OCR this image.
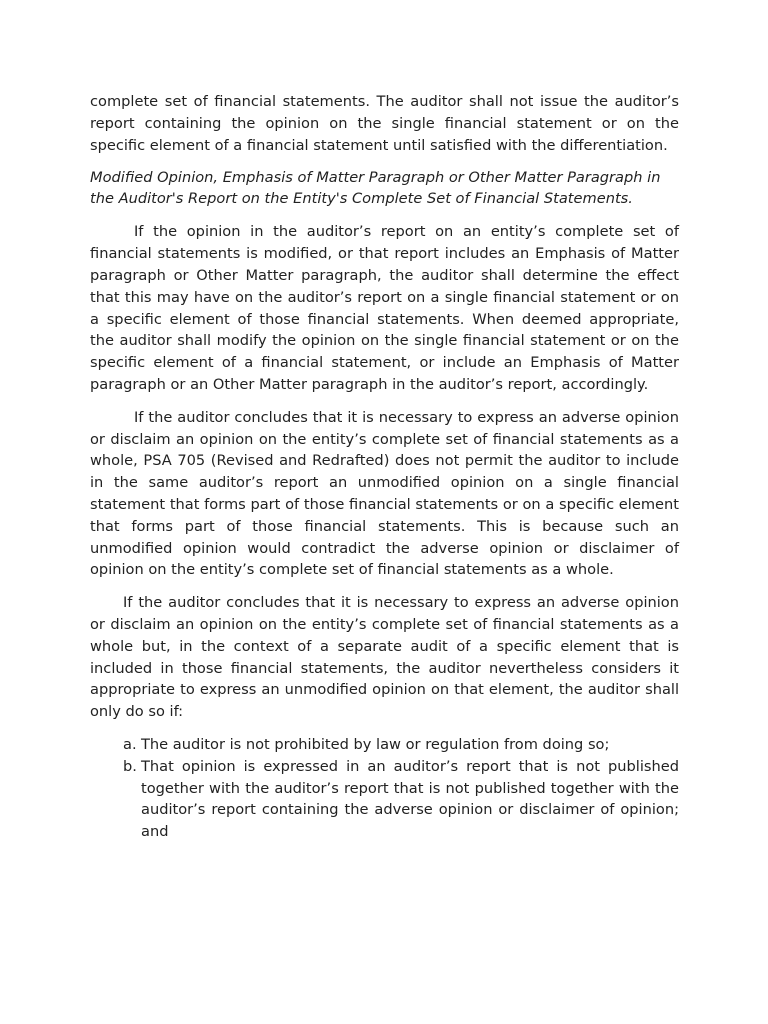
complete set of financial statements. The auditor shall not issue the auditor’s report containing the opinion on the single financial statement or on the specific element of a financial statement until satisfied with the differentiation.

Modified Opinion, Emphasis of Matter Paragraph or Other Matter Paragraph in the Auditor's Report on the Entity's Complete Set of Financial Statements.

If the opinion in the auditor’s report on an entity’s complete set of financial statements is modified, or that report includes an Emphasis of Matter paragraph or Other Matter paragraph, the auditor shall determine the effect that this may have on the auditor’s report on a single financial statement or on a specific element of those financial statements. When deemed appropriate, the auditor shall modify the opinion on the single financial statement or on the specific element of a financial statement, or include an Emphasis of Matter paragraph or an Other Matter paragraph in the auditor’s report, accordingly.

If the auditor concludes that it is necessary to express an adverse opinion or disclaim an opinion on the entity’s complete set of financial statements as a whole, PSA 705 (Revised and Redrafted) does not permit the auditor to include in the same auditor’s report an unmodified opinion on a single financial statement that forms part of those financial statements or on a specific element that forms part of those financial statements. This is because such an unmodified opinion would contradict the adverse opinion or disclaimer of opinion on the entity’s complete set of financial statements as a whole.

If the auditor concludes that it is necessary to express an adverse opinion or disclaim an opinion on the entity’s complete set of financial statements as a whole but, in the context of a separate audit of a specific element that is included in those financial statements, the auditor nevertheless considers it appropriate to express an unmodified opinion on that element, the auditor shall only do so if:

a. The auditor is not prohibited by law or regulation from doing so;
b. That opinion is expressed in an auditor’s report that is not published together with the auditor’s report that is not published together with the auditor’s report containing the adverse opinion or disclaimer of opinion; and
